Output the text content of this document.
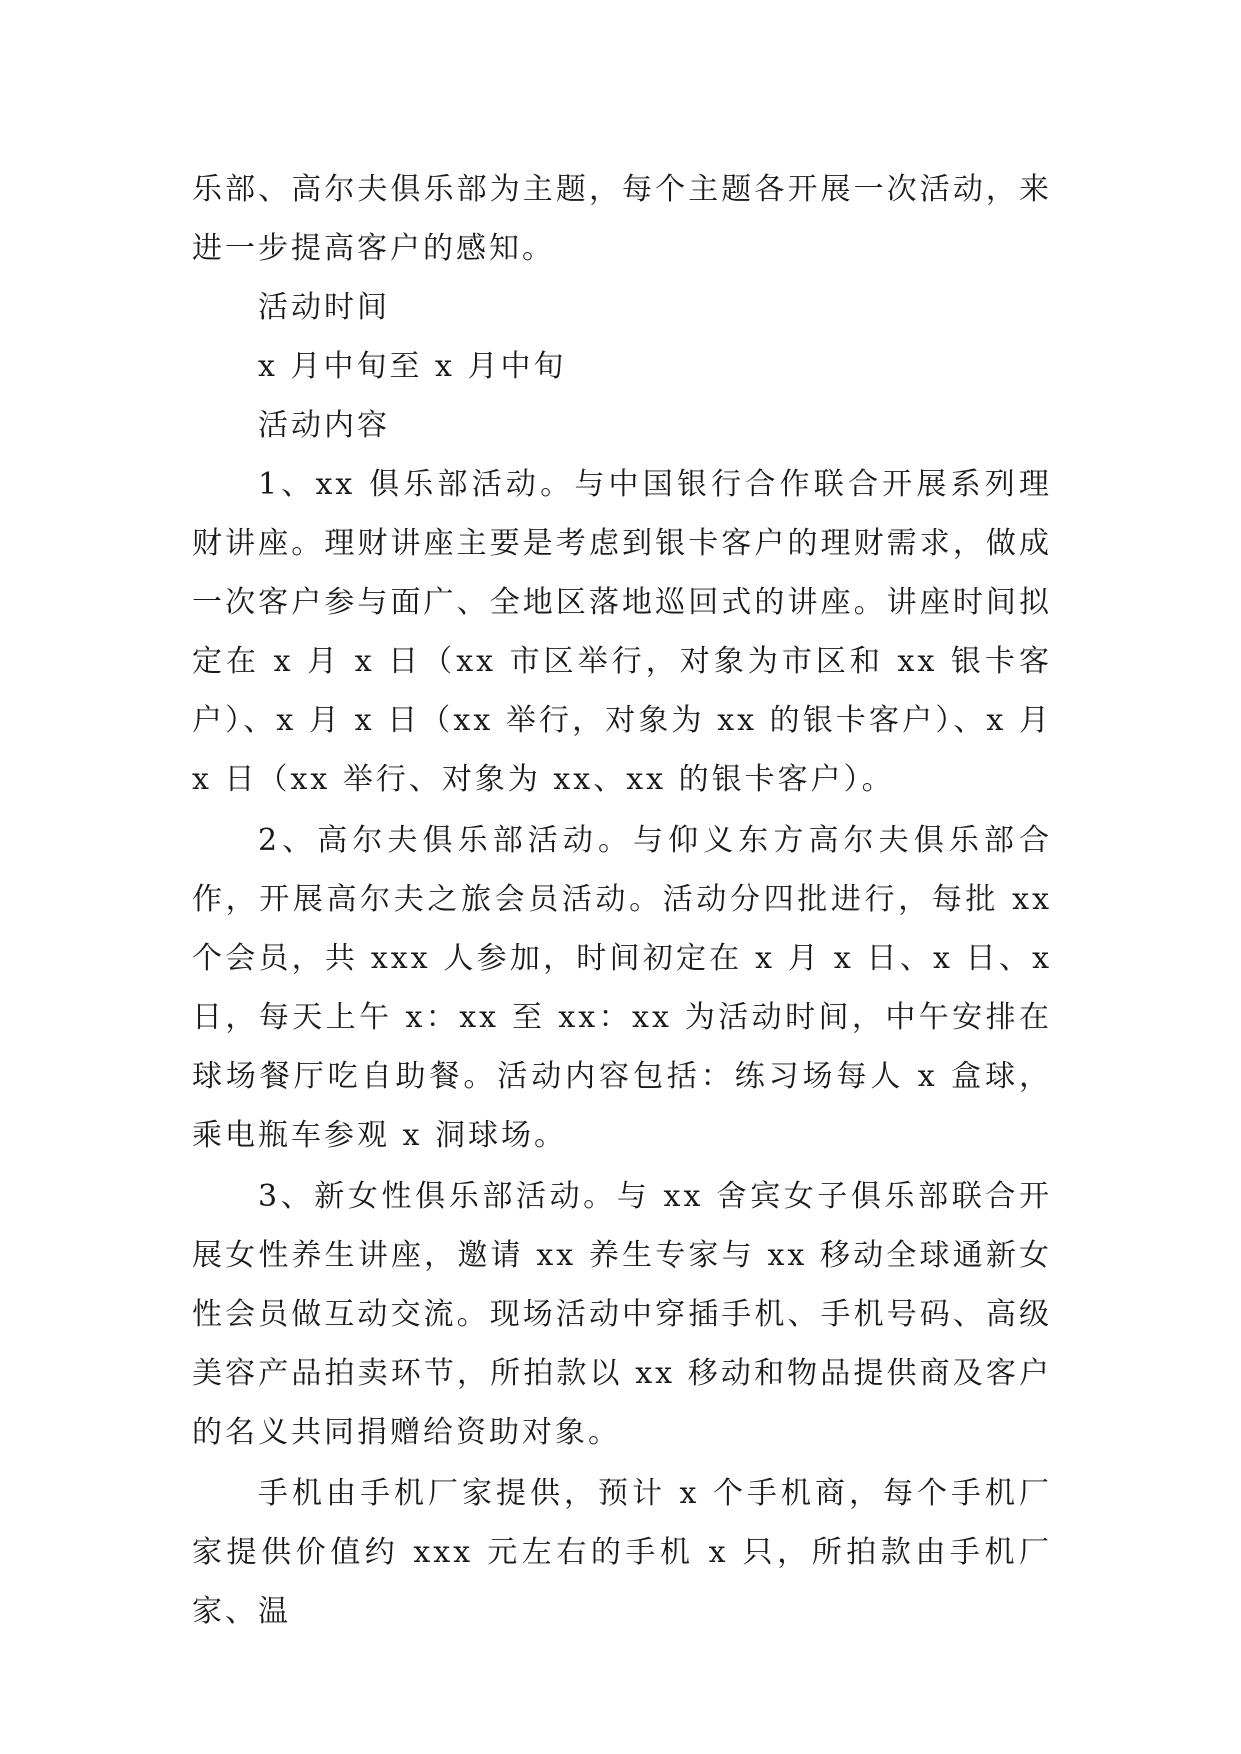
乐部、高尔夫俱乐部为主题，每个主题各开展一次活动，来进一步提高客户的感知。

活动时间

x 月中旬至 x 月中旬

活动内容

1、xx 俱乐部活动。与中国银行合作联合开展系列理财讲座。理财讲座主要是考虑到银卡客户的理财需求，做成一次客户参与面广、全地区落地巡回式的讲座。讲座时间拟定在 x 月 x 日（xx 市区举行，对象为市区和 xx 银卡客户）、x 月 x 日（xx 举行，对象为 xx 的银卡客户）、x 月 x 日（xx 举行、对象为 xx、xx 的银卡客户）。

2、高尔夫俱乐部活动。与仰义东方高尔夫俱乐部合作，开展高尔夫之旅会员活动。活动分四批进行，每批 xx 个会员，共 xxx 人参加，时间初定在 x 月 x 日、x 日、x 日，每天上午 x：xx 至 xx：xx 为活动时间，中午安排在球场餐厅吃自助餐。活动内容包括：练习场每人 x 盒球，乘电瓶车参观 x 洞球场。

3、新女性俱乐部活动。与 xx 舍宾女子俱乐部联合开展女性养生讲座，邀请 xx 养生专家与 xx 移动全球通新女性会员做互动交流。现场活动中穿插手机、手机号码、高级美容产品拍卖环节，所拍款以 xx 移动和物品提供商及客户的名义共同捐赠给资助对象。

手机由手机厂家提供，预计 x 个手机商，每个手机厂家提供价值约 xxx 元左右的手机 x 只，所拍款由手机厂家、温
